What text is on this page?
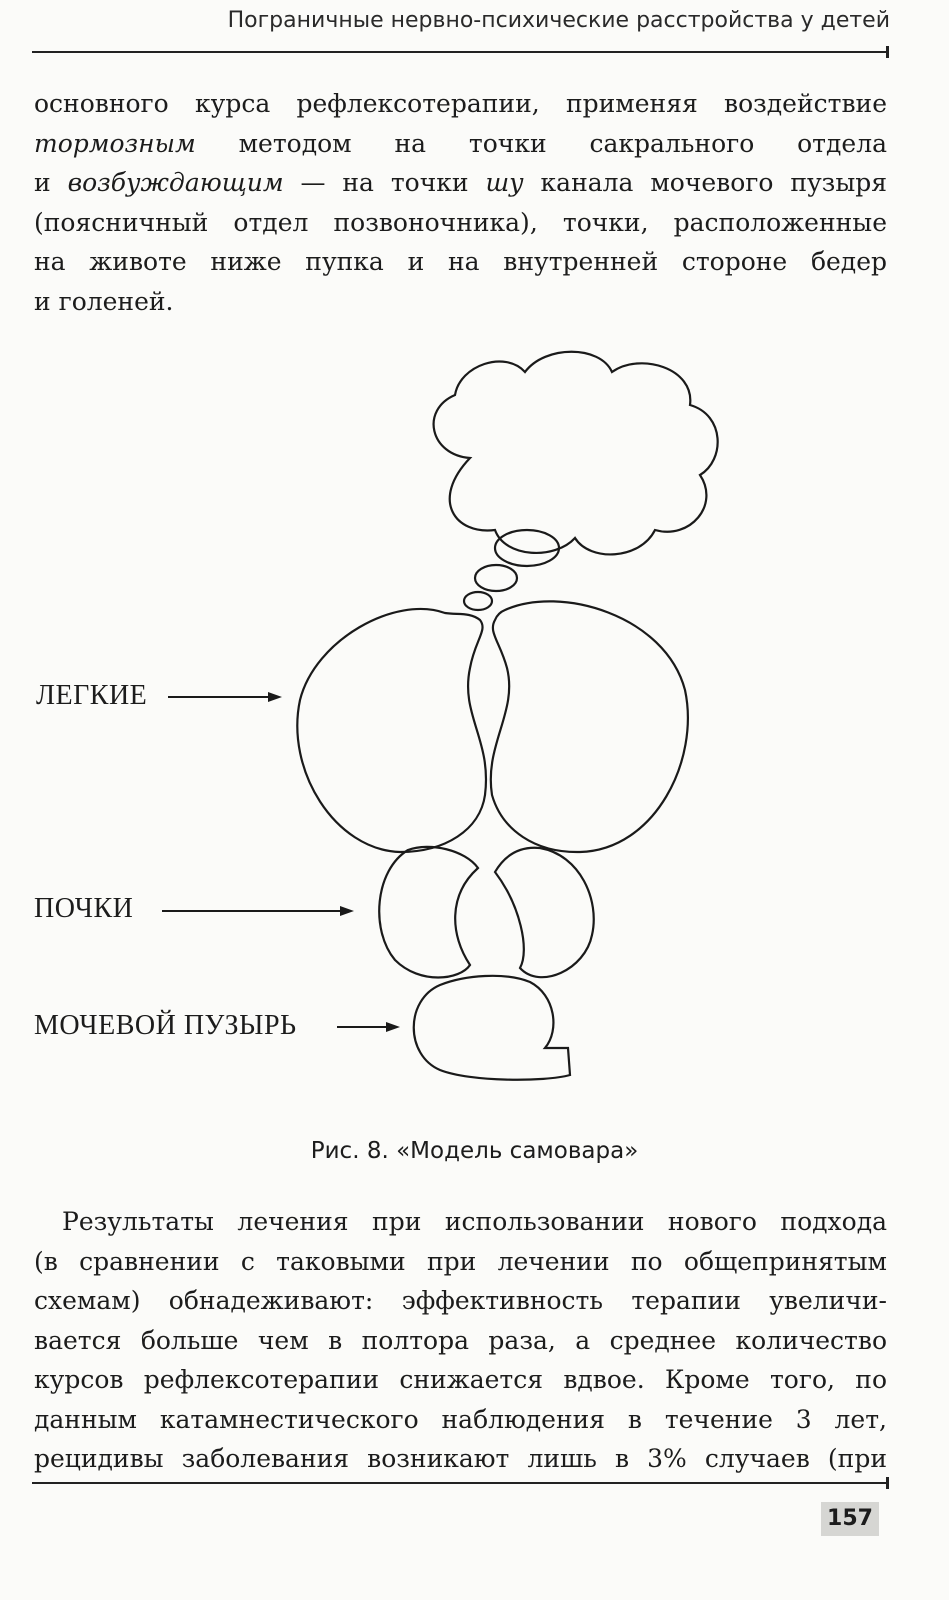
Пограничные нервно-психические расстройства у детей

основного курса рефлексотерапии, применяя воздействие
тормозным методом на точки сакрального отдела
и возбуждающим — на точки шу канала мочевого пузыря
(поясничный отдел позвоночника), точки, расположенные
на животе ниже пупка и на внутренней стороне бедер
и голеней.

ЛЕГКИЕ
ПОЧКИ
МОЧЕВОЙ ПУЗЫРЬ
Рис. 8. «Модель самовара»

Результаты лечения при использовании нового подхода
(в сравнении с таковыми при лечении по общепринятым
схемам) обнадеживают: эффективность терапии увеличи-
вается больше чем в полтора раза, а среднее количество
курсов рефлексотерапии снижается вдвое. Кроме того, по
данным катамнестического наблюдения в течение 3 лет,
рецидивы заболевания возникают лишь в 3% случаев (при

157
